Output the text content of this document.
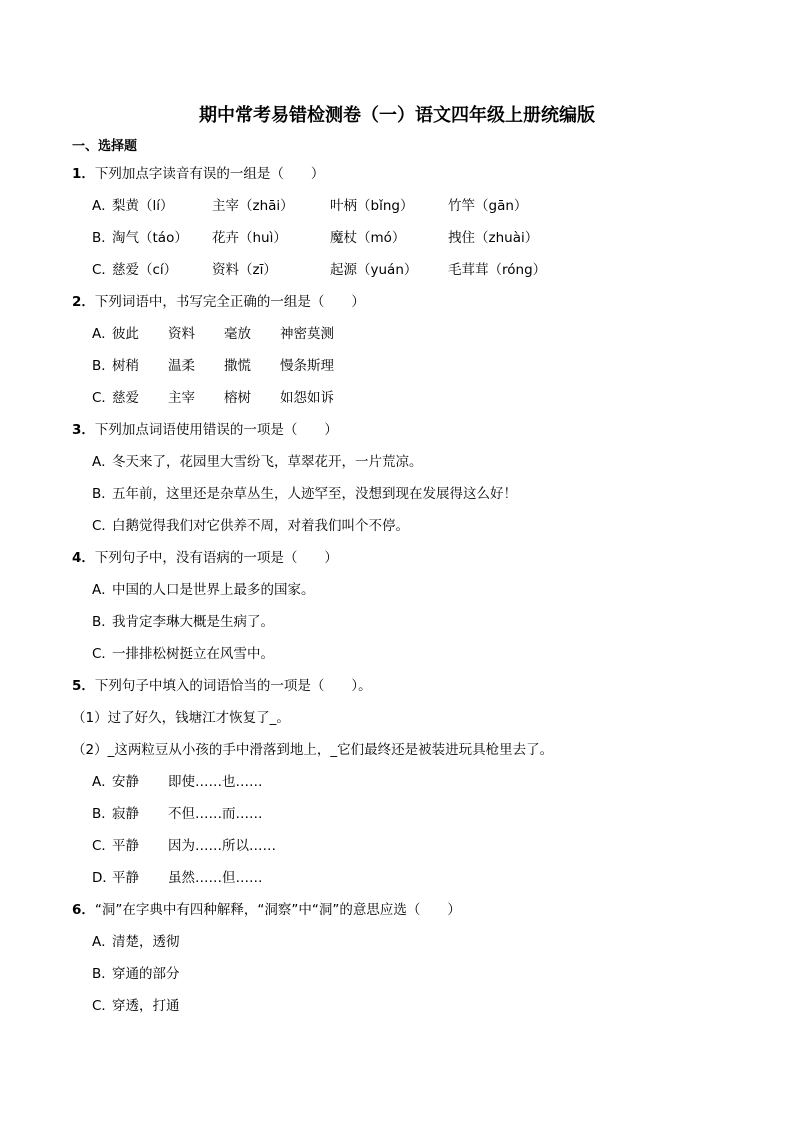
期中常考易错检测卷（一）语文四年级上册统编版
一、选择题
1．下列加点字读音有误的一组是（　　）
A．梨黄（lí）	主宰（zhāi）	叶柄（bǐng）	竹竿（gān）
B．淘气（táo） 花卉（huì）	魔杖（mó）	拽住（zhuài）
C．慈爱（cí）	资料（zī）	起源（yuán） 毛茸茸（róng）
2．下列词语中，书写完全正确的一组是（　　）
A．彼此 资料 毫放 神密莫测
B．树稍 温柔 撒慌 慢条斯理
C．慈爱 主宰 榕树 如怨如诉
3．下列加点词语使用错误的一项是（　　）
A．冬天来了，花园里大雪纷飞，草翠花开，一片荒凉。
B．五年前，这里还是杂草丛生，人迹罕至，没想到现在发展得这么好！
C．白鹅觉得我们对它供养不周，对着我们叫个不停。
4．下列句子中，没有语病的一项是（　　）
A．中国的人口是世界上最多的国家。
B．我肯定李琳大概是生病了。
C．一排排松树挺立在风雪中。
5．下列句子中填入的词语恰当的一项是（　　）。
（1）过了好久，钱塘江才恢复了_。
（2）_这两粒豆从小孩的手中滑落到地上，_它们最终还是被装进玩具枪里去了。
A．安静 即使……也……
B．寂静 不但……而……
C．平静 因为……所以……
D．平静 虽然……但……
6．“洞”在字典中有四种解释，“洞察”中“洞”的意思应选（　　）
A．清楚，透彻
B．穿通的部分
C．穿透，打通
